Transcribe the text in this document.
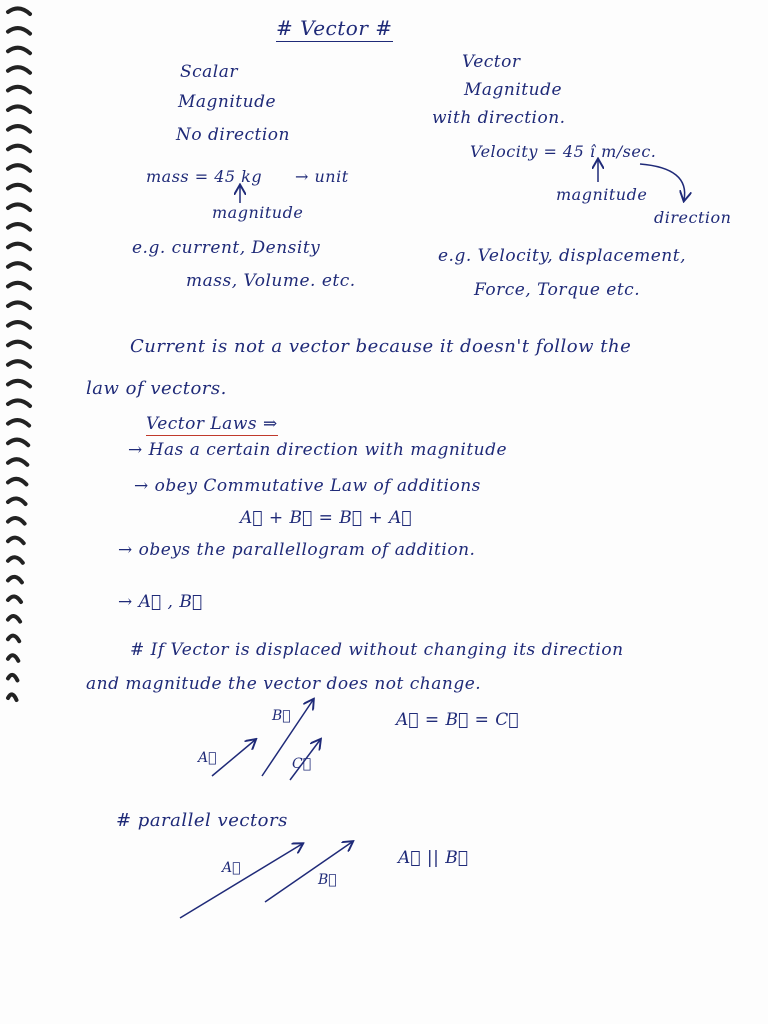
# Vector #
Scalar
Magnitude
No direction
mass = 45 kg → unit
magnitude
e.g. current, Density
mass, Volume. etc.
Vector
Magnitude
with direction.
Velocity = 45 î m/sec.
magnitude
direction
e.g. Velocity, displacement,
Force, Torque etc.
Current is not a vector because it doesn't follow the
law of vectors.
Vector Laws ⇒
→ Has a certain direction with magnitude
→ obey Commutative Law of additions
A⃗ + B⃗ = B⃗ + A⃗
→ obeys the parallellogram of addition.
→ A⃗ , B⃗
# If Vector is displaced without changing its direction
and magnitude the vector does not change.
A⃗ = B⃗ = C⃗
B⃗
A⃗	C⃗
# parallel vectors
A⃗ || B⃗
A⃗
B⃗
